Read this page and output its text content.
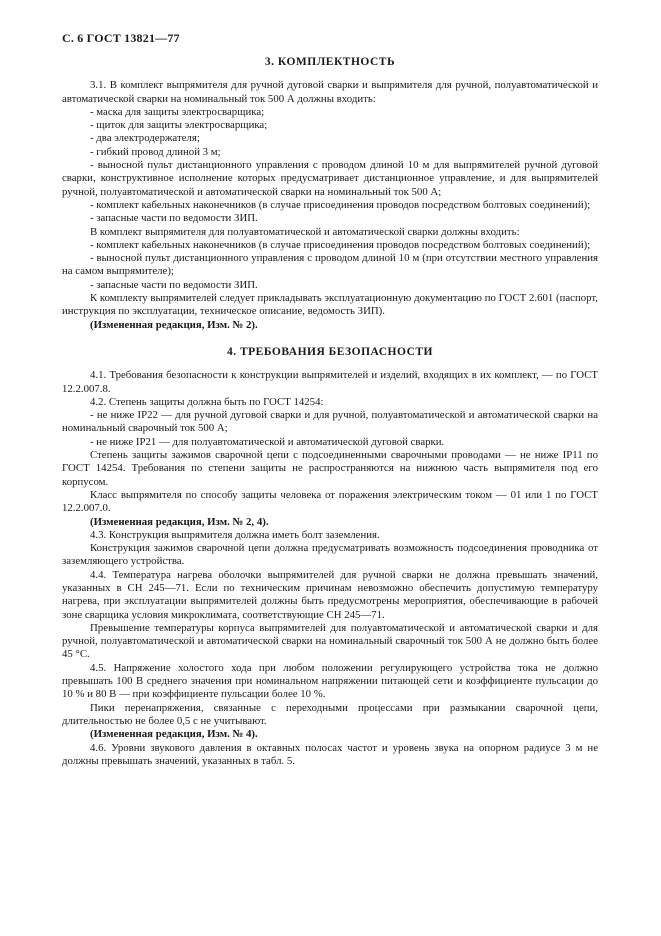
С. 6 ГОСТ 13821—77
3. КОМПЛЕКТНОСТЬ

3.1. В комплект выпрямителя для ручной дуговой сварки и выпрямителя для ручной, полуавтоматической и автоматической сварки на номинальный ток 500 А должны входить:

- маска для защиты электросварщика;

- щиток для защиты электросварщика;

- два электродержателя;

- гибкий провод длиной 3 м;

- выносной пульт дистанционного управления с проводом длиной 10 м для выпрямителей ручной дуговой сварки, конструктивное исполнение которых предусматривает дистанционное управление, и для выпрямителей ручной, полуавтоматической и автоматической сварки на номинальный ток 500 А;

- комплект кабельных наконечников (в случае присоединения проводов посредством болтовых соединений);

- запасные части по ведомости ЗИП.

В комплект выпрямителя для полуавтоматической и автоматической сварки должны входить:

- комплект кабельных наконечников (в случае присоединения проводов посредством болтовых соединений);

- выносной пульт дистанционного управления с проводом длиной 10 м (при отсутствии местного управления на самом выпрямителе);

- запасные части по ведомости ЗИП.

К комплекту выпрямителей следует прикладывать эксплуатационную документацию по ГОСТ 2.601 (паспорт, инструкция по эксплуатации, техническое описание, ведомость ЗИП).

(Измененная редакция, Изм. № 2).

4. ТРЕБОВАНИЯ БЕЗОПАСНОСТИ

4.1. Требования безопасности к конструкции выпрямителей и изделий, входящих в их комплект, — по ГОСТ 12.2.007.8.

4.2. Степень защиты должна быть по ГОСТ 14254:

- не ниже IP22 — для ручной дуговой сварки и для ручной, полуавтоматической и автоматической сварки на номинальный сварочный ток 500 А;

- не ниже IP21 — для полуавтоматической и автоматической дуговой сварки.

Степень защиты зажимов сварочной цепи с подсоединенными сварочными проводами — не ниже IP11 по ГОСТ 14254. Требования по степени защиты не распространяются на нижнюю часть выпрямителя под его корпусом.

Класс выпрямителя по способу защиты человека от поражения электрическим током — 01 или 1 по ГОСТ 12.2.007.0.

(Измененная редакция, Изм. № 2, 4).

4.3. Конструкция выпрямителя должна иметь болт заземления.

Конструкция зажимов сварочной цепи должна предусматривать возможность подсоединения проводника от заземляющего устройства.

4.4. Температура нагрева оболочки выпрямителей для ручной сварки не должна превышать значений, указанных в СН 245—71. Если по техническим причинам невозможно обеспечить допустимую температуру нагрева, при эксплуатации выпрямителей должны быть предусмотрены мероприятия, обеспечивающие в рабочей зоне сварщика условия микроклимата, соответствующие СН 245—71.

Превышение температуры корпуса выпрямителей для полуавтоматической и автоматической сварки и для ручной, полуавтоматической и автоматической сварки на номинальный сварочный ток 500 А не должно быть более 45 °С.

4.5. Напряжение холостого хода при любом положении регулирующего устройства тока не должно превышать 100 В среднего значения при номинальном напряжении питающей сети и коэффициенте пульсации до 10 % и 80 В — при коэффициенте пульсации более 10 %.

Пики перенапряжения, связанные с переходными процессами при размыкании сварочной цепи, длительностью не более 0,5 с не учитывают.

(Измененная редакция, Изм. № 4).

4.6. Уровни звукового давления в октавных полосах частот и уровень звука на опорном радиусе 3 м не должны превышать значений, указанных в табл. 5.
